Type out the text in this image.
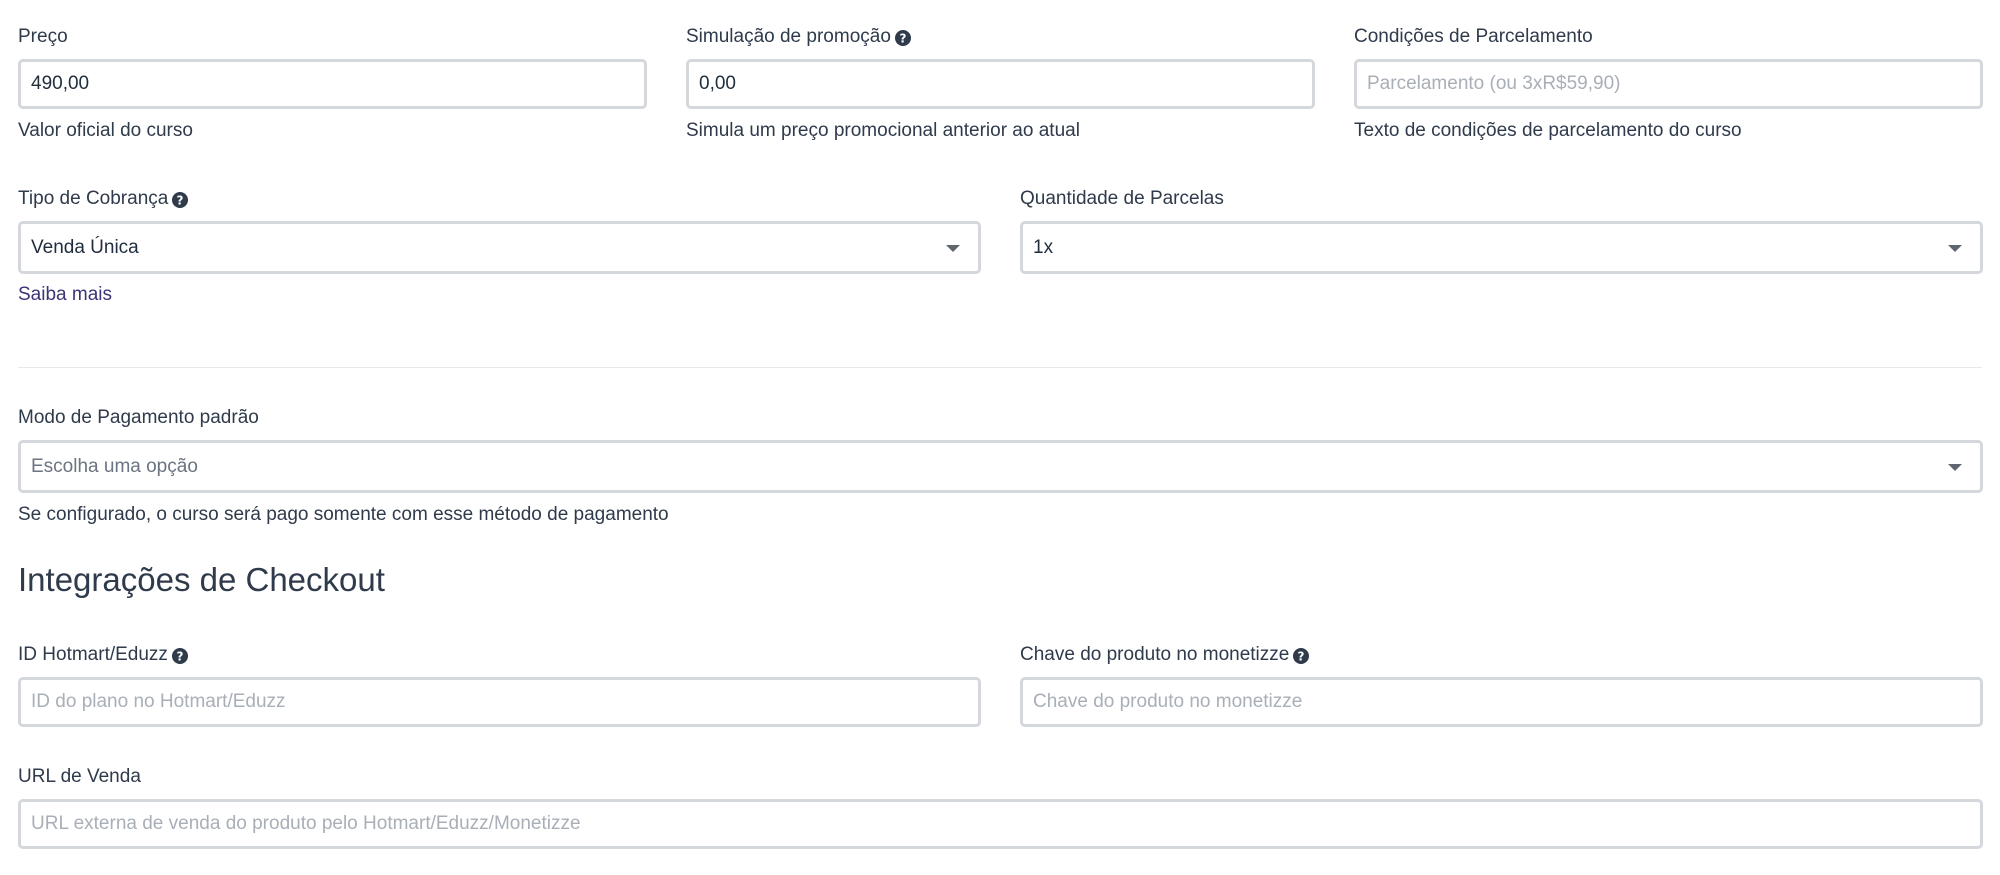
Preço
490,00
Valor oficial do curso
Simulação de promoção ?
0,00
Simula um preço promocional anterior ao atual
Condições de Parcelamento
Parcelamento (ou 3xR$59,90)
Texto de condições de parcelamento do curso
Tipo de Cobrança ?
Venda Única
Saiba mais
Quantidade de Parcelas
1x
Modo de Pagamento padrão
Escolha uma opção
Se configurado, o curso será pago somente com esse método de pagamento
Integrações de Checkout
ID Hotmart/Eduzz ?
ID do plano no Hotmart/Eduzz	Chave do produto no monetizze ?
Chave do produto no monetizze
URL de Venda
URL externa de venda do produto pelo Hotmart/Eduzz/Monetizze
